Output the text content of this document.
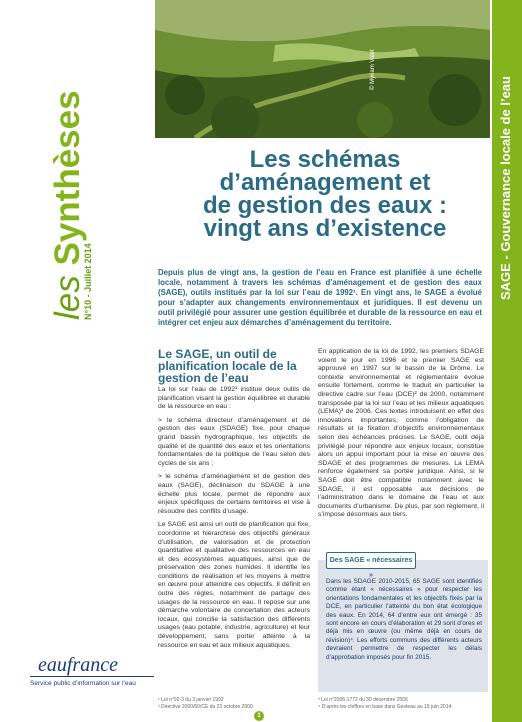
les Synthèses
N°10 - Juillet 2014
© Myriam Valet
Les schémas
d’aménagement et
de gestion des eaux :
vingt ans d’existence
Depuis plus de vingt ans, la gestion de l’eau en France est planifiée à une échelle locale, notamment à travers les schémas d’aménagement et de gestion des eaux (SAGE), outils institués par la loi sur l’eau de 1992¹. En vingt ans, le SAGE a évolué pour s’adapter aux changements environnementaux et juridiques. Il est devenu un outil privilégié pour assurer une gestion équilibrée et durable de la ressource en eau et intégrer cet enjeu aux démarches d’aménagement du territoire.
Le SAGE, un outil de planification locale de la gestion de l’eau

La loi sur l’eau de 1992¹ institue deux outils de planification visant la gestion équilibrée et durable de la ressource en eau :

> le schéma directeur d’aménagement et de gestion des eaux (SDAGE) fixe, pour chaque grand bassin hydrographique, les objectifs de qualité et de quantité des eaux et les orientations fondamentales de la politique de l’eau selon des cycles de six ans ;

> le schéma d’aménagement et de gestion des eaux (SAGE), déclinaison du SDAGE à une échelle plus locale, permet de répondre aux enjeux spécifiques de certains territoires et vise à résoudre des conflits d’usage.

Le SAGE est ainsi un outil de planification qui fixe, coordonne et hiérarchise des objectifs généraux d’utilisation, de valorisation et de protection quantitative et qualitative des ressources en eau et des écosystèmes aquatiques, ainsi que de préservation des zones humides. Il identifie les conditions de réalisation et les moyens à mettre en œuvre pour atteindre ces objectifs. Il définit en outre des règles, notamment de partage des usages de la ressource en eau. Il repose sur une démarche volontaire de concertation des acteurs locaux, qui concilie la satisfaction des différents usages (eau potable, industrie, agriculture) et leur développement, sans porter atteinte à la ressource en eau et aux milieux aquatiques.

En application de la loi de 1992, les premiers SDAGE voient le jour en 1996 et le premier SAGE est approuvé en 1997 sur le bassin de la Drôme. Le contexte environnemental et réglementaire évolue ensuite fortement, comme le traduit en particulier la directive cadre sur l’eau (DCE)² de 2000, notamment transposée par la loi sur l’eau et les milieux aquatiques (LEMA)³ de 2006. Ces textes introduisent en effet des innovations importantes, comme l’obligation de résultats et la fixation d’objectifs environnementaux selon des échéances précises. Le SAGE, outil déjà privilégié pour répondre aux enjeux locaux, constitue alors un appui important pour la mise en œuvre des SDAGE et des programmes de mesures. La LEMA renforce également sa portée juridique. Ainsi, si le SAGE doit être compatible notamment avec le SDAGE, il est opposable aux décisions de l’administration dans le domaine de l’eau et aux documents d’urbanisme. De plus, par son règlement, il s’impose désormais aux tiers.

Des SAGE « nécessaires »
Dans les SDAGE 2010-2015, 65 SAGE sont identifiés comme étant « nécessaires » pour respecter les orientations fondamentales et les objectifs fixés par la DCE, en particulier l’atteinte du bon état écologique des eaux. En 2014, 64 d’entre eux ont émergé : 35 sont encore en cours d’élaboration et 29 sont d’ores et déjà mis en œuvre (ou même déjà en cours de révision)⁴. Les efforts communs des différents acteurs devraient permettre de respecter les délais d’approbation imposés pour fin 2015.
SAGE - Gouvernance locale de l’eau
eaufrance
Service public d’information sur l’eau
¹ Loi n°92-3 du 3 janvier 1992
² Directive 2000/60/CE du 23 octobre 2000
³ Loi n°2006-1772 du 30 décembre 2006
⁴ D’après les chiffres en base dans Gesteau au 19 juin 2014.
1
